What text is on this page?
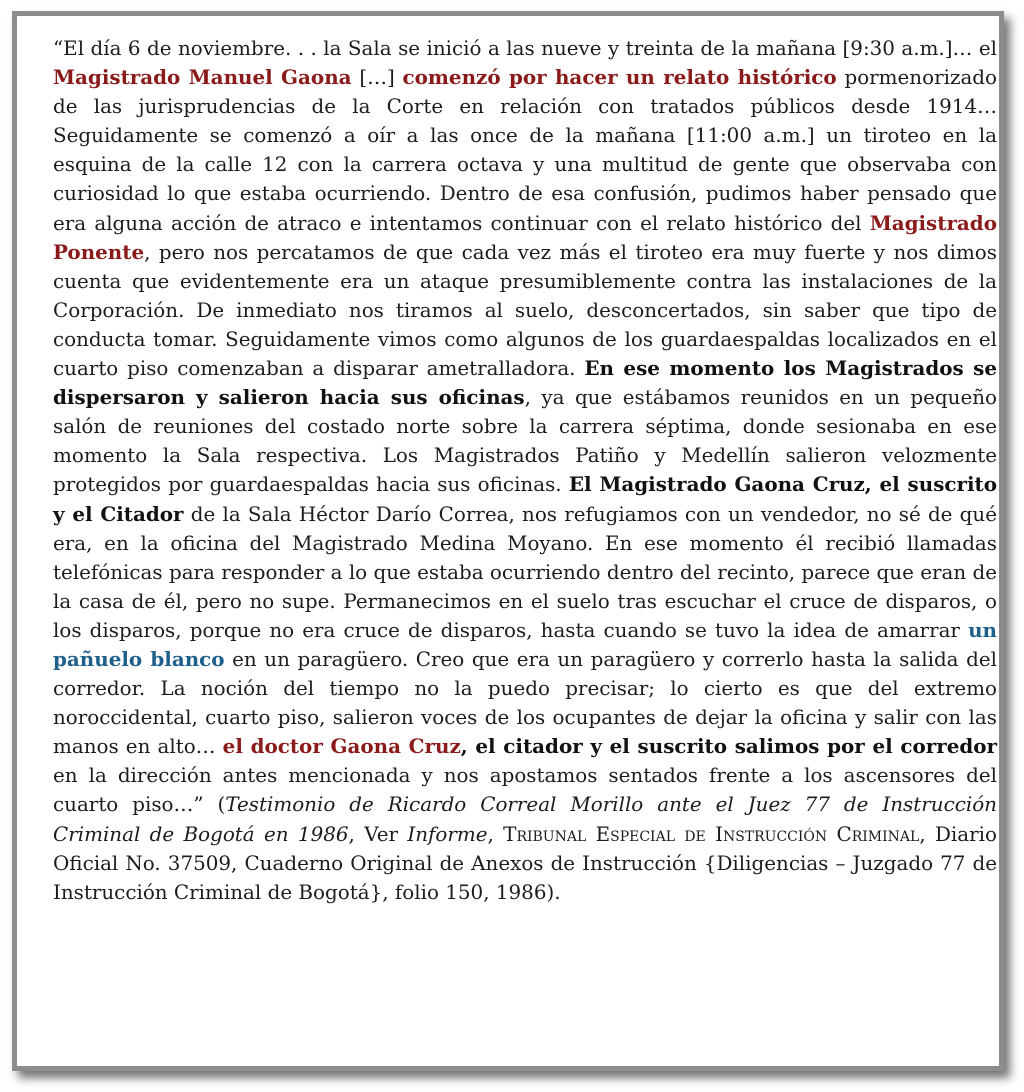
“El día 6 de noviembre. . . la Sala se inició a las nueve y treinta de la mañana [9:30 a.m.]… el Magistrado Manuel Gaona […] comenzó por hacer un relato histórico pormenorizado de las jurisprudencias de la Corte en relación con tratados públicos desde 1914… Seguidamente se comenzó a oír a las once de la mañana [11:00 a.m.] un tiroteo en la esquina de la calle 12 con la carrera octava y una multitud de gente que observaba con curiosidad lo que estaba ocurriendo. Dentro de esa confusión, pudimos haber pensado que era alguna acción de atraco e intentamos continuar con el relato histórico del Magistrado Ponente, pero nos percatamos de que cada vez más el tiroteo era muy fuerte y nos dimos cuenta que evidentemente era un ataque presumiblemente contra las instalaciones de la Corporación. De inmediato nos tiramos al suelo, desconcertados, sin saber que tipo de conducta tomar. Seguidamente vimos como algunos de los guardaespaldas localizados en el cuarto piso comenzaban a disparar ametralladora. En ese momento los Magistrados se dispersaron y salieron hacia sus oficinas, ya que estábamos reunidos en un pequeño salón de reuniones del costado norte sobre la carrera séptima, donde sesionaba en ese momento la Sala respectiva. Los Magistrados Patiño y Medellín salieron velozmente protegidos por guardaespaldas hacia sus oficinas. El Magistrado Gaona Cruz, el suscrito y el Citador de la Sala Héctor Darío Correa, nos refugiamos con un vendedor, no sé de qué era, en la oficina del Magistrado Medina Moyano. En ese momento él recibió llamadas telefónicas para responder a lo que estaba ocurriendo dentro del recinto, parece que eran de la casa de él, pero no supe. Permanecimos en el suelo tras escuchar el cruce de disparos, o los disparos, porque no era cruce de disparos, hasta cuando se tuvo la idea de amarrar un pañuelo blanco en un paragüero. Creo que era un paragüero y correrlo hasta la salida del corredor. La noción del tiempo no la puedo precisar; lo cierto es que del extremo noroccidental, cuarto piso, salieron voces de los ocupantes de dejar la oficina y salir con las manos en alto… el doctor Gaona Cruz, el citador y el suscrito salimos por el corredor en la dirección antes mencionada y nos apostamos sentados frente a los ascensores del cuarto piso…” (Testimonio de Ricardo Correal Morillo ante el Juez 77 de Instrucción Criminal de Bogotá en 1986, Ver Informe, Tribunal Especial de Instrucción Criminal, Diario Oficial No. 37509, Cuaderno Original de Anexos de Instrucción {Diligencias – Juzgado 77 de Instrucción Criminal de Bogotá}, folio 150, 1986).
